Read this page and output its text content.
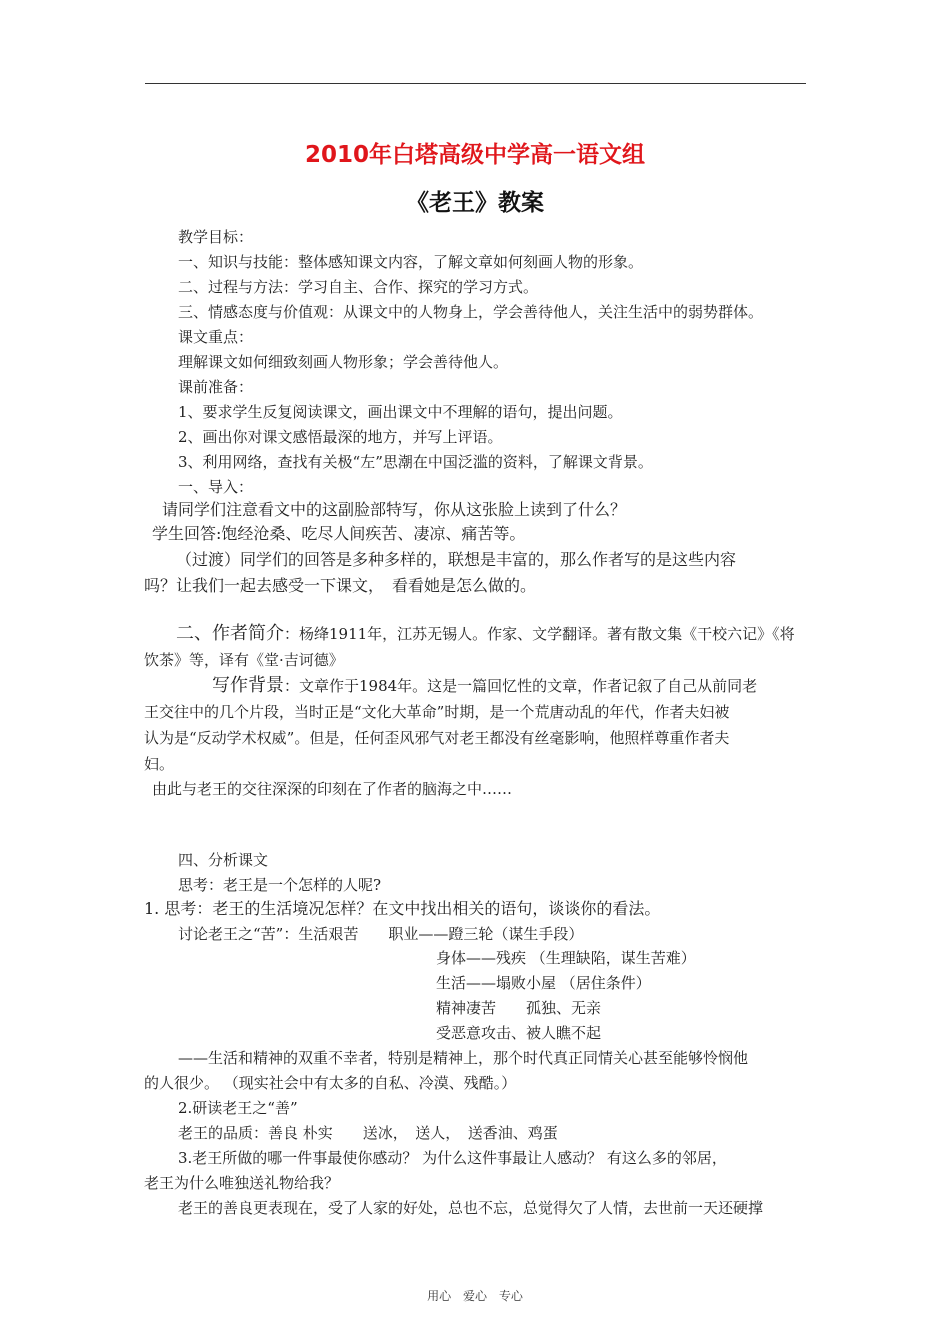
2010年白塔高级中学高一语文组
《老王》教案
教学目标：
一、知识与技能：整体感知课文内容，了解文章如何刻画人物的形象。
二、过程与方法：学习自主、合作、探究的学习方式。
三、情感态度与价值观：从课文中的人物身上，学会善待他人，关注生活中的弱势群体。
课文重点：
理解课文如何细致刻画人物形象；学会善待他人。
课前准备：
1、要求学生反复阅读课文，画出课文中不理解的语句，提出问题。
2、画出你对课文感悟最深的地方，并写上评语。
3、利用网络，查找有关极“左”思潮在中国泛滥的资料，了解课文背景。
一、导入：
请同学们注意看文中的这副脸部特写，你从这张脸上读到了什么？
学生回答:饱经沧桑、吃尽人间疾苦、凄凉、痛苦等。
（过渡）同学们的回答是多种多样的，联想是丰富的，那么作者写的是这些内容
吗？让我们一起去感受一下课文，　看看她是怎么做的。
二、作者简介：杨绛1911年，江苏无锡人。作家、文学翻译。著有散文集《干校六记》《将
饮茶》等，译有《堂·吉诃德》
写作背景：文章作于1984年。这是一篇回忆性的文章，作者记叙了自己从前同老
王交往中的几个片段，当时正是“文化大革命”时期，是一个荒唐动乱的年代，作者夫妇被
认为是“反动学术权威”。但是，任何歪风邪气对老王都没有丝毫影响，他照样尊重作者夫
妇。
由此与老王的交往深深的印刻在了作者的脑海之中……
四、分析课文
思考：老王是一个怎样的人呢?
1. 思考：老王的生活境况怎样？在文中找出相关的语句，谈谈你的看法。
讨论老王之“苦”：生活艰苦　　职业——蹬三轮（谋生手段）
身体——残疾 （生理缺陷，谋生苦难）
生活——塌败小屋 （居住条件）
精神凄苦　　孤独、无亲
受恶意攻击、被人瞧不起
——生活和精神的双重不幸者，特别是精神上，那个时代真正同情关心甚至能够怜悯他
的人很少。 （现实社会中有太多的自私、冷漠、残酷。）
2.研读老王之“善”
老王的品质：善良 朴实　　送冰，　送人，　送香油、鸡蛋
3.老王所做的哪一件事最使你感动？ 为什么这件事最让人感动？ 有这么多的邻居，
老王为什么唯独送礼物给我？
老王的善良更表现在，受了人家的好处，总也不忘，总觉得欠了人情，去世前一天还硬撑
用心 爱心 专心
